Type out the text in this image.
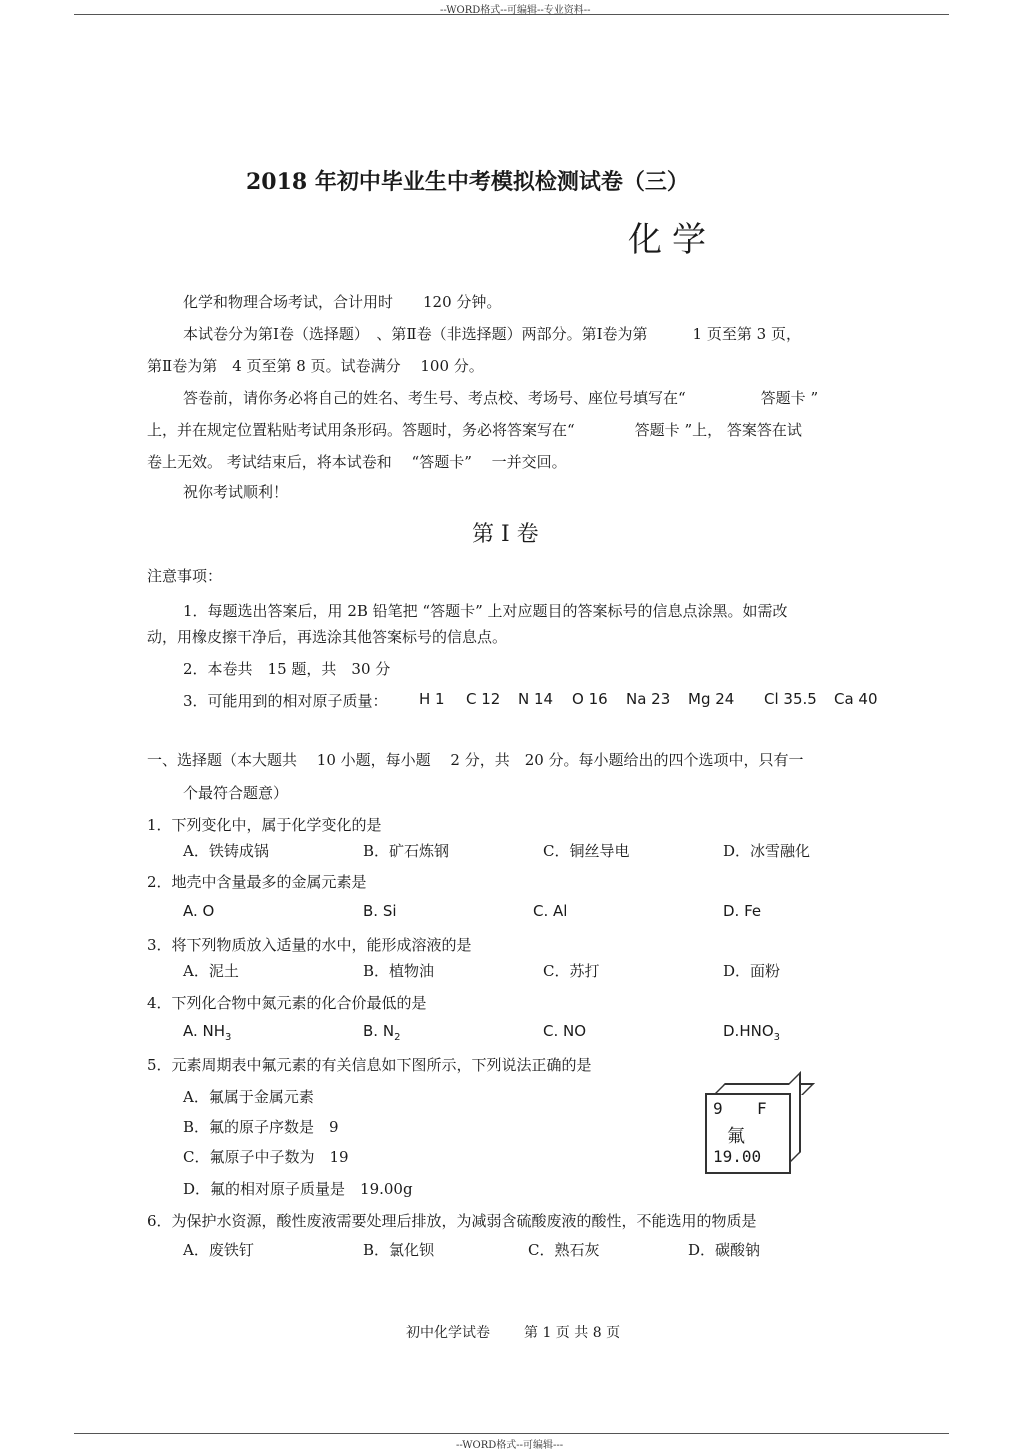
--WORD格式--可编辑--专业资料--
2018 年初中毕业生中考模拟检测试卷（三）
化学
化学和物理合场考试，合计用时　　120 分钟。
本试卷分为第Ⅰ卷（选择题）　、第Ⅱ卷（非选择题）两部分。第Ⅰ卷为第　　　1 页至第 3 页，
第Ⅱ卷为第　4 页至第 8 页。试卷满分　 100 分。
答卷前，请你务必将自己的姓名、考生号、考点校、考场号、座位号填写在“　　　　　答题卡 ”
上，并在规定位置粘贴考试用条形码。答题时，务必将答案写在“　　　　答题卡 ”上， 答案答在试
卷上无效。 考试结束后，将本试卷和　 “答题卡”　 一并交回。
祝你考试顺利！
第 Ⅰ 卷
注意事项：
1．每题选出答案后，用 2B 铅笔把 “答题卡” 上对应题目的答案标号的信息点涂黑。如需改
动，用橡皮擦干净后，再选涂其他答案标号的信息点。
2．本卷共　15 题，共　30 分
3．可能用到的相对原子质量： H 1 C 12 N 14 O 16 Na 23 Mg 24 Cl 35.5 Ca 40
一、选择题（本大题共　 10 小题，每小题　 2 分，共　20 分。每小题给出的四个选项中，只有一
个最符合题意）
1．下列变化中，属于化学变化的是
A．铁铸成锅	B．矿石炼钢	C．铜丝导电	D．冰雪融化
2．地壳中含量最多的金属元素是
A. O	B. Si	C. Al	D. Fe
3．将下列物质放入适量的水中，能形成溶液的是
A．泥土	B．植物油	C．苏打	D．面粉
4．下列化合物中氮元素的化合价最低的是
A. $NH_3$	B. $N_2$	C. NO	$D.HNO_3$
5．元素周期表中氟元素的有关信息如下图所示，下列说法正确的是
A．氟属于金属元素
B．氟的原子序数是　9
C．氟原子中子数为　19
D．氟的相对原子质量是　19.00g
9 F
氟
19.00
6．为保护水资源，酸性废液需要处理后排放，为减弱含硫酸废液的酸性，不能选用的物质是
A．废铁钉	B．氯化钡	C．熟石灰	D．碳酸钠
初中化学试卷 第 1 页 共 8 页
--WORD格式--可编辑---
